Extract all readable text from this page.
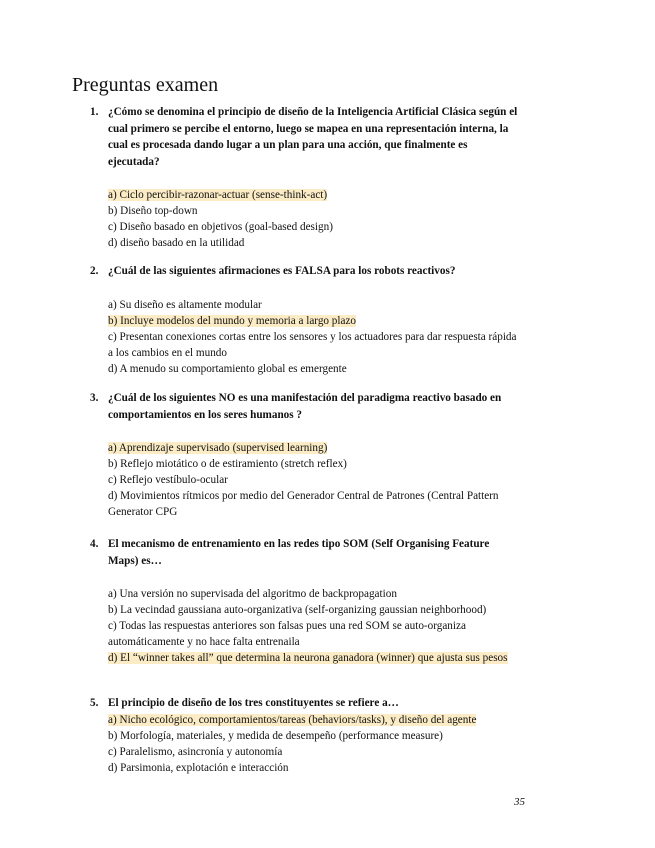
Preguntas examen
1. ¿Cómo se denomina el principio de diseño de la Inteligencia Artificial Clásica según el cual primero se percibe el entorno, luego se mapea en una representación interna, la cual es procesada dando lugar a un plan para una acción, que finalmente es ejecutada?
a) Ciclo percibir-razonar-actuar (sense-think-act)
b) Diseño top-down
c) Diseño basado en objetivos (goal-based design)
d) diseño basado en la utilidad
2. ¿Cuál de las siguientes afirmaciones es FALSA para los robots reactivos?
a) Su diseño es altamente modular
b) Incluye modelos del mundo y memoria a largo plazo
c) Presentan conexiones cortas entre los sensores y los actuadores para dar respuesta rápida a los cambios en el mundo
d) A menudo su comportamiento global es emergente
3. ¿Cuál de los siguientes NO es una manifestación del paradigma reactivo basado en comportamientos en los seres humanos ?
a) Aprendizaje supervisado (supervised learning)
b) Reflejo miotático o de estiramiento (stretch reflex)
c) Reflejo vestíbulo-ocular
d) Movimientos rítmicos por medio del Generador Central de Patrones (Central Pattern Generator CPG
4. El mecanismo de entrenamiento en las redes tipo SOM (Self Organising Feature Maps) es…
a) Una versión no supervisada del algoritmo de backpropagation
b) La vecindad gaussiana auto-organizativa (self-organizing gaussian neighborhood)
c) Todas las respuestas anteriores son falsas pues una red SOM se auto-organiza automáticamente y no hace falta entrenaila
d) El “winner takes all” que determina la neurona ganadora (winner) que ajusta sus pesos
5. El principio de diseño de los tres constituyentes se refiere a…
a) Nicho ecológico, comportamientos/tareas (behaviors/tasks), y diseño del agente
b) Morfología, materiales, y medida de desempeño (performance measure)
c) Paralelismo, asincronía y autonomía
d) Parsimonia, explotación e interacción
35
